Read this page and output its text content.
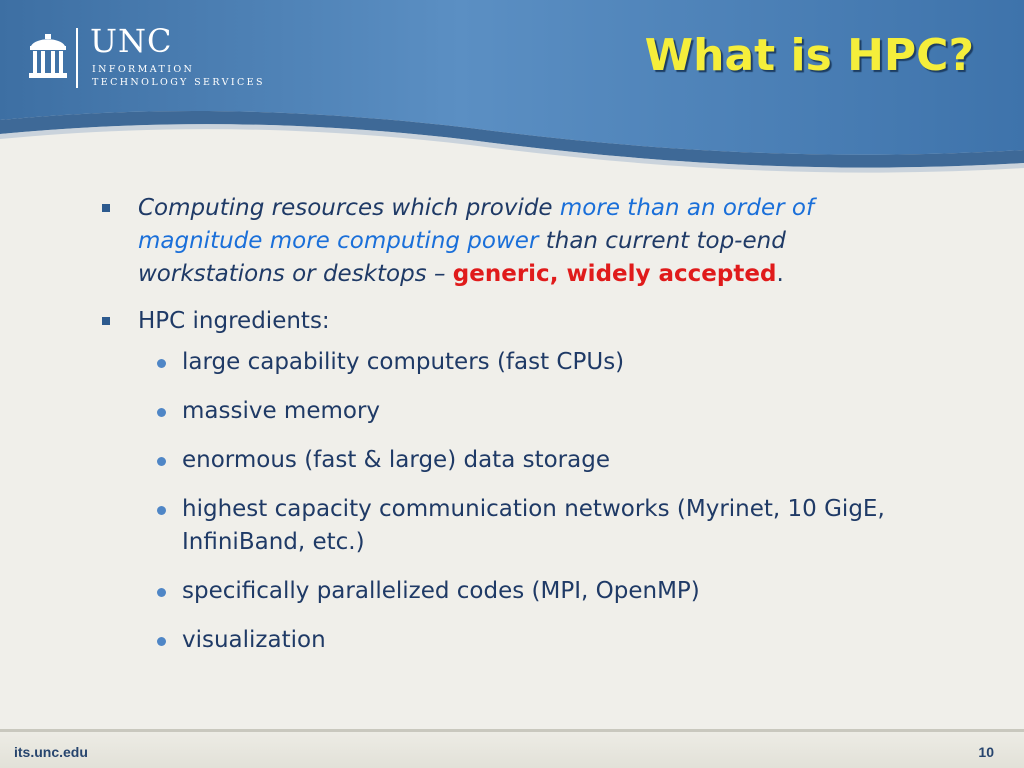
UNC
INFORMATION
TECHNOLOGY SERVICES
What is HPC?
Computing resources which provide more than an order of magnitude more computing power than current top-end workstations or desktops – generic, widely accepted.
HPC ingredients:
large capability computers (fast CPUs)
massive memory
enormous (fast & large) data storage
highest capacity communication networks (Myrinet, 10 GigE, InfiniBand, etc.)
specifically parallelized codes (MPI, OpenMP)
visualization
its.unc.edu	10
